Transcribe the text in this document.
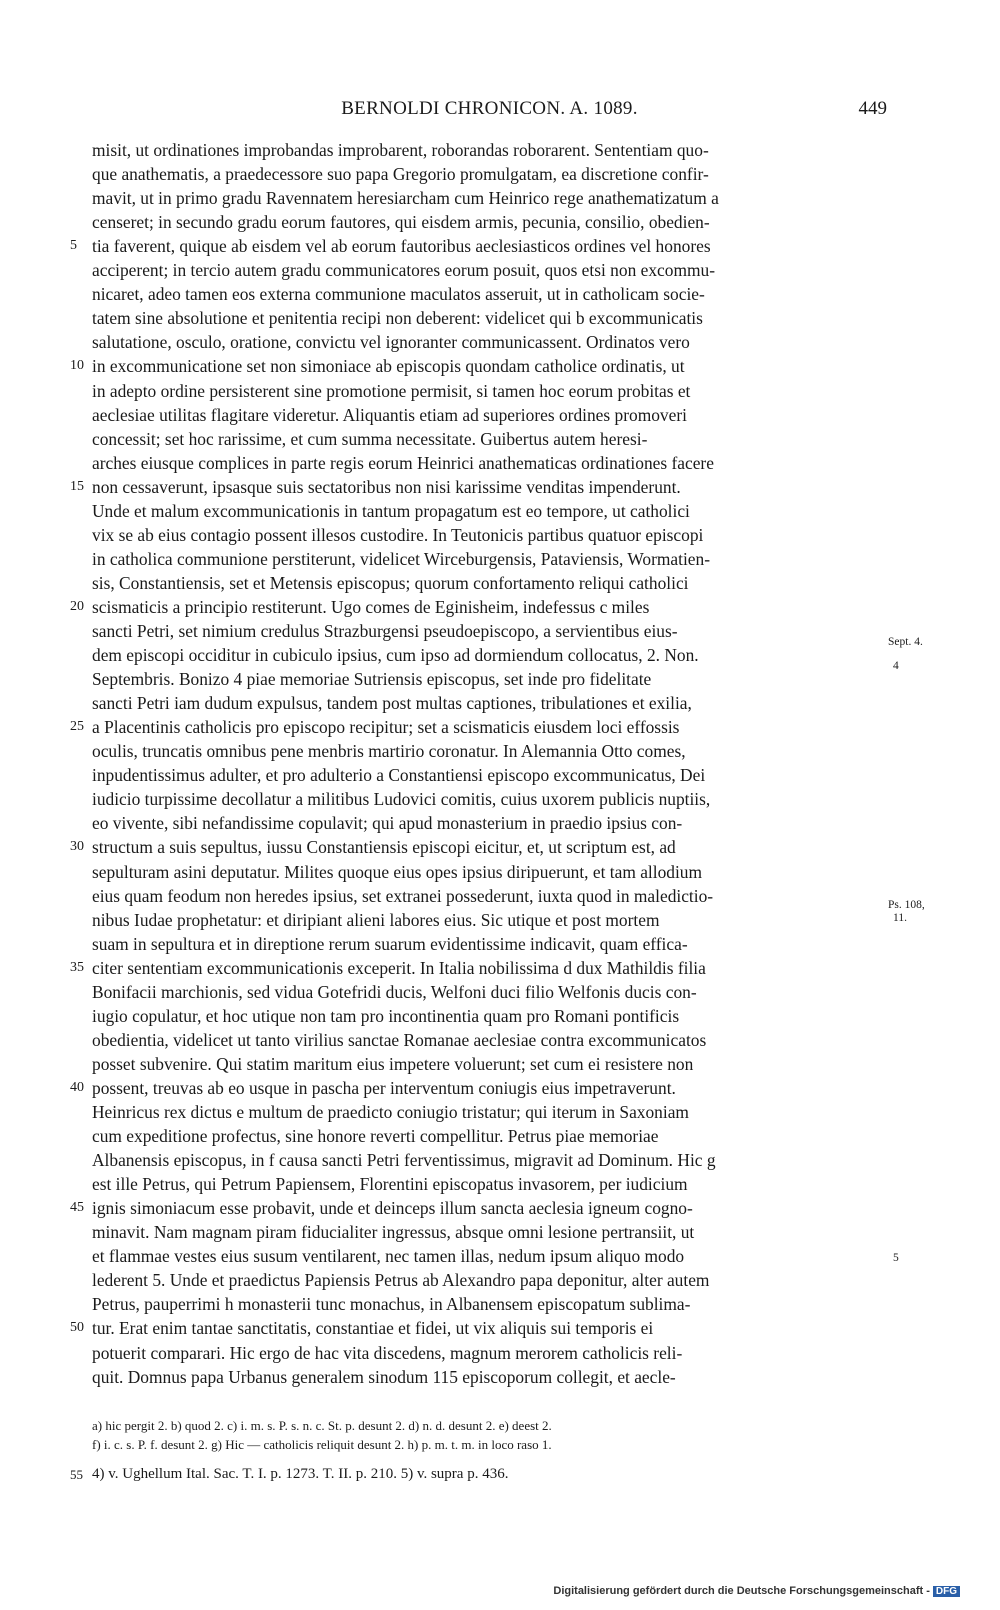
BERNOLDI CHRONICON. A. 1089.	449
misit, ut ordinationes improbandas improbarent, roborandas roborarent. Sententiam quo-
que anathematis, a praedecessore suo papa Gregorio promulgatam, ea discretione confir-
mavit, ut in primo gradu Ravennatem heresiarcham cum Heinrico rege anathematizatum a
censeret; in secundo gradu eorum fautores, qui eisdem armis, pecunia, consilio, obedien-
5 tia faverent, quique ab eisdem vel ab eorum fautoribus aeclesiasticos ordines vel honores
acciperent; in tercio autem gradu communicatores eorum posuit, quos etsi non excommu-
nicaret, adeo tamen eos externa communione maculatos asseruit, ut in catholicam socie-
tatem sine absolutione et penitentia recipi non deberent: videlicet qui b excommunicatis
salutatione, osculo, oratione, convictu vel ignoranter communicassent. Ordinatos vero
10 in excommunicatione set non simoniace ab episcopis quondam catholice ordinatis, ut
in adepto ordine persisterent sine promotione permisit, si tamen hoc eorum probitas et
aeclesiae utilitas flagitare videretur. Aliquantis etiam ad superiores ordines promoveri
concessit; set hoc rarissime, et cum summa necessitate. Guibertus autem heresi-
arches eiusque complices in parte regis eorum Heinrici anathematicas ordinationes facere
15 non cessaverunt, ipsasque suis sectatoribus non nisi karissime venditas impenderunt.
Unde et malum excommunicationis in tantum propagatum est eo tempore, ut catholici
vix se ab eius contagio possent illesos custodire. In Teutonicis partibus quatuor episcopi
in catholica communione perstiterunt, videlicet Wirceburgensis, Pataviensis, Wormatien-
sis, Constantiensis, set et Metensis episcopus; quorum confortamento reliqui catholici
20 scismaticis a principio restiterunt. Ugo comes de Eginisheim, indefessus c miles
sancti Petri, set nimium credulus Strazburgensi pseudoepiscopo, a servientibus eius-
dem episcopi occiditur in cubiculo ipsius, cum ipso ad dormiendum collocatus, 2. Non.
Septembris. Bonizo 4 piae memoriae Sutriensis episcopus, set inde pro fidelitate
sancti Petri iam dudum expulsus, tandem post multas captiones, tribulationes et exilia,
25 a Placentinis catholicis pro episcopo recipitur; set a scismaticis eiusdem loci effossis
oculis, truncatis omnibus pene menbris martirio coronatur. In Alemannia Otto comes,
inpudentissimus adulter, et pro adulterio a Constantiensi episcopo excommunicatus, Dei
iudicio turpissime decollatur a militibus Ludovici comitis, cuius uxorem publicis nuptiis,
eo vivente, sibi nefandissime copulavit; qui apud monasterium in praedio ipsius con-
30 structum a suis sepultus, iussu Constantiensis episcopi eicitur, et, ut scriptum est, ad
sepulturam asini deputatur. Milites quoque eius opes ipsius diripuerunt, et tam allodium
eius quam feodum non heredes ipsius, set extranei possederunt, iuxta quod in maledictio-
nibus Iudae prophetatur: et diripiant alieni labores eius. Sic utique et post mortem
suam in sepultura et in direptione rerum suarum evidentissime indicavit, quam effica-
35 citer sententiam excommunicationis exceperit. In Italia nobilissima d dux Mathildis filia
Bonifacii marchionis, sed vidua Gotefridi ducis, Welfoni duci filio Welfonis ducis con-
iugio copulatur, et hoc utique non tam pro incontinentia quam pro Romani pontificis
obedientia, videlicet ut tanto virilius sanctae Romanae aeclesiae contra excommunicatos
posset subvenire. Qui statim maritum eius impetere voluerunt; set cum ei resistere non
40 possent, treuvas ab eo usque in pascha per interventum coniugis eius impetraverunt.
Heinricus rex dictus e multum de praedicto coniugio tristatur; qui iterum in Saxoniam
cum expeditione profectus, sine honore reverti compellitur. Petrus piae memoriae
Albanensis episcopus, in f causa sancti Petri ferventissimus, migravit ad Dominum. Hic g
est ille Petrus, qui Petrum Papiensem, Florentini episcopatus invasorem, per iudicium
45 ignis simoniacum esse probavit, unde et deinceps illum sancta aeclesia igneum cogno-
minavit. Nam magnam piram fiducialiter ingressus, absque omni lesione pertransiit, ut
et flammae vestes eius susum ventilarent, nec tamen illas, nedum ipsum aliquo modo
lederent 5. Unde et praedictus Papiensis Petrus ab Alexandro papa deponitur, alter autem
Petrus, pauperrimi h monasterii tunc monachus, in Albanensem episcopatum sublima-
50 tur. Erat enim tantae sanctitatis, constantiae et fidei, ut vix aliquis sui temporis ei
potuerit comparari. Hic ergo de hac vita discedens, magnum merorem catholicis reli-
quit. Domnus papa Urbanus generalem sinodum 115 episcoporum collegit, et aecle-
Sept. 4.
4
Ps. 108,
11.
5
a) hic pergit 2. b) quod 2. c) i. m. s. P. s. n. c. St. p. desunt 2. d) n. d. desunt 2. e) deest 2.
f) i. c. s. P. f. desunt 2. g) Hic — catholicis reliquit desunt 2. h) p. m. t. m. in loco raso 1.
55 4) v. Ughellum Ital. Sac. T. I. p. 1273. T. II. p. 210. 5) v. supra p. 436.
Digitalisierung gefördert durch die Deutsche Forschungsgemeinschaft - DFG
